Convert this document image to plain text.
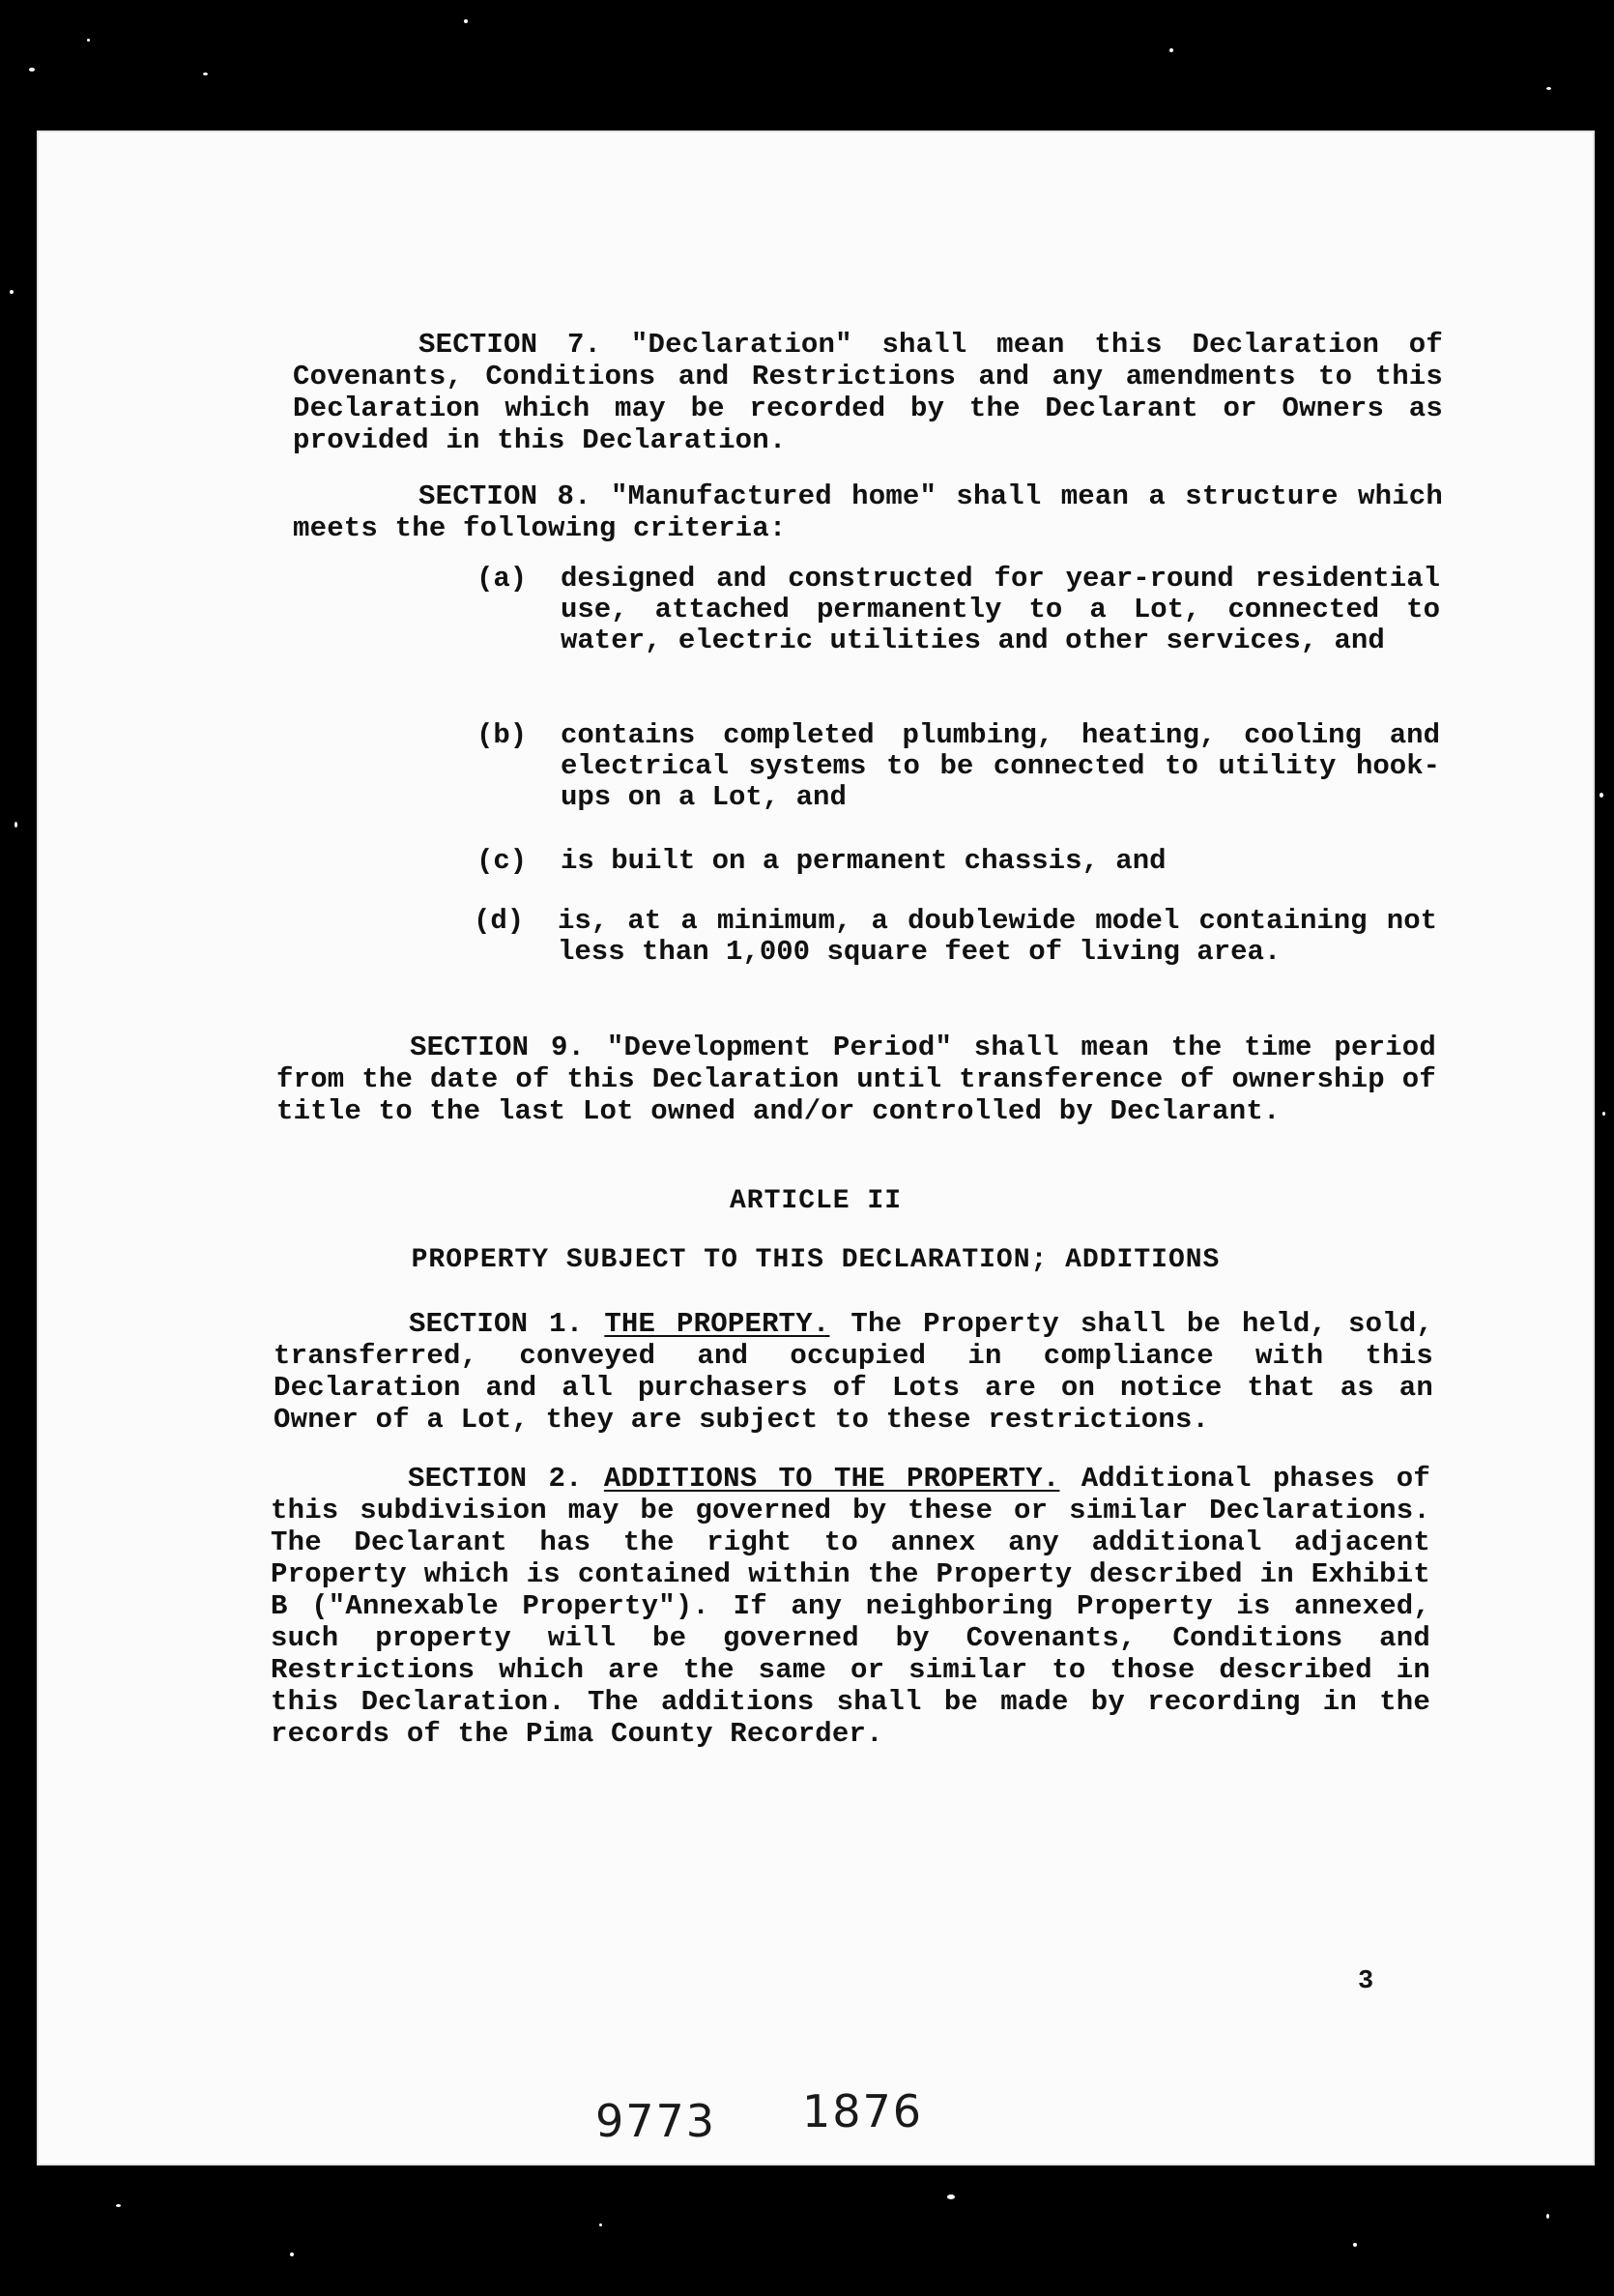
SECTION 7. "Declaration" shall mean this Declaration of Covenants, Conditions and Restrictions and any amendments to this Declaration which may be recorded by the Declarant or Owners as provided in this Declaration.
SECTION 8. "Manufactured home" shall mean a structure which meets the following criteria:
(a) designed and constructed for year-round residential use, attached permanently to a Lot, connected to water, electric utilities and other services, and
(b) contains completed plumbing, heating, cooling and electrical systems to be connected to utility hook-ups on a Lot, and
(c) is built on a permanent chassis, and
(d) is, at a minimum, a doublewide model containing not less than 1,000 square feet of living area.
SECTION 9. "Development Period" shall mean the time period from the date of this Declaration until transference of ownership of title to the last Lot owned and/or controlled by Declarant.
ARTICLE II
PROPERTY SUBJECT TO THIS DECLARATION; ADDITIONS
SECTION 1. THE PROPERTY. The Property shall be held, sold, transferred, conveyed and occupied in compliance with this Declaration and all purchasers of Lots are on notice that as an Owner of a Lot, they are subject to these restrictions.
SECTION 2. ADDITIONS TO THE PROPERTY. Additional phases of this subdivision may be governed by these or similar Declarations. The Declarant has the right to annex any additional adjacent Property which is contained within the Property described in Exhibit B ("Annexable Property"). If any neighboring Property is annexed, such property will be governed by Covenants, Conditions and Restrictions which are the same or similar to those described in this Declaration. The additions shall be made by recording in the records of the Pima County Recorder.
3
9773 1876
